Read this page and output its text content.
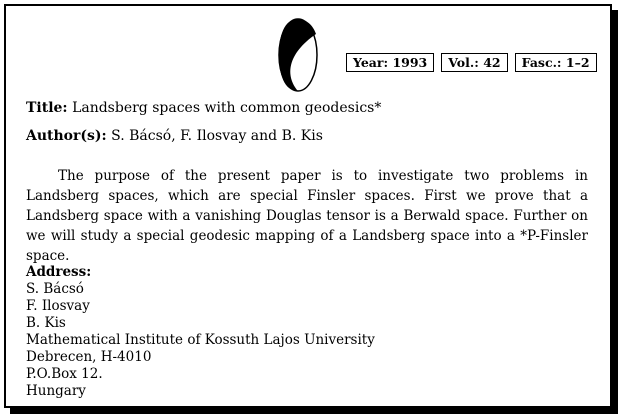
Year: 1993	Vol.: 42	Fasc.: 1–2
Title: Landsberg spaces with common geodesics*
Author(s): S. Bácsó, F. Ilosvay and B. Kis

The purpose of the present paper is to investigate two problems in Landsberg spaces, which are special Finsler spaces. First we prove that a Landsberg space with a vanishing Douglas tensor is a Berwald space. Further on we will study a special geodesic mapping of a Landsberg space into a *P-Finsler space.

Address:
S. Bácsó
F. Ilosvay
B. Kis
Mathematical Institute of Kossuth Lajos University
Debrecen, H-4010
P.O.Box 12.
Hungary
